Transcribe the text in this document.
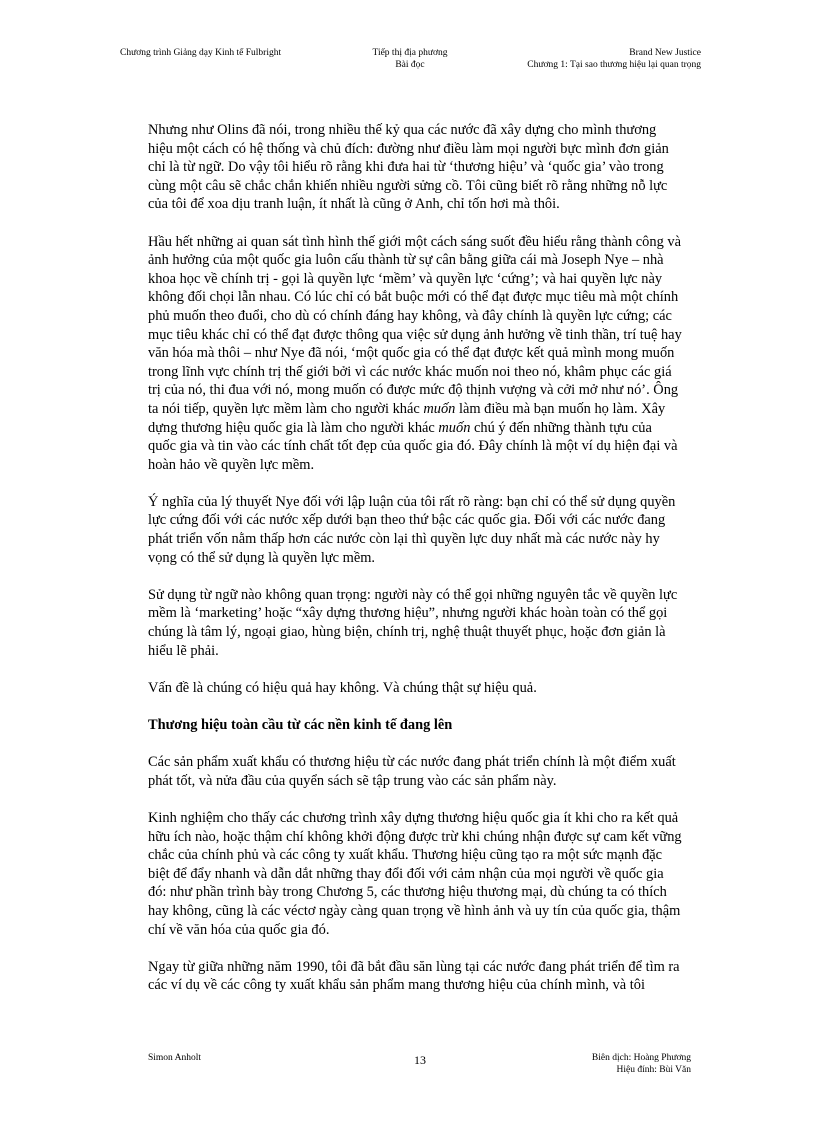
Chương trình Giảng dạy Kinh tế Fulbright	Tiếp thị địa phương
Bài đọc
Brand New Justice
Chương 1: Tại sao thương hiệu lại quan trọng

Nhưng như Olins đã nói, trong nhiều thế kỷ qua các nước đã xây dựng cho mình thương hiệu một cách có hệ thống và chủ đích: đường như điều làm mọi người bực mình đơn giản chỉ là từ ngữ. Do vậy tôi hiểu rõ rằng khi đưa hai từ ‘thương hiệu’ và ‘quốc gia’ vào trong cùng một câu sẽ chắc chắn khiến nhiều người sửng cồ. Tôi cũng biết rõ rằng những nỗ lực của tôi để xoa dịu tranh luận, ít nhất là cũng ở Anh, chỉ tốn hơi mà thôi.

Hầu hết những ai quan sát tình hình thế giới một cách sáng suốt đều hiểu rằng thành công và ảnh hưởng của một quốc gia luôn cấu thành từ sự cân bằng giữa cái mà Joseph Nye – nhà khoa học về chính trị - gọi là quyền lực ‘mềm’ và quyền lực ‘cứng’; và hai quyền lực này không đối chọi lẫn nhau. Có lúc chỉ có bắt buộc mới có thể đạt được mục tiêu mà một chính phủ muốn theo đuổi, cho dù có chính đáng hay không, và đây chính là quyền lực cứng; các mục tiêu khác chỉ có thể đạt được thông qua việc sử dụng ảnh hưởng về tinh thần, trí tuệ hay văn hóa mà thôi – như Nye đã nói, ‘một quốc gia có thể đạt được kết quả mình mong muốn trong lĩnh vực chính trị thế giới bởi vì các nước khác muốn noi theo nó, khâm phục các giá trị của nó, thi đua với nó, mong muốn có được mức độ thịnh vượng và cởi mở như nó’. Ông ta nói tiếp, quyền lực mềm làm cho người khác muốn làm điều mà bạn muốn họ làm. Xây dựng thương hiệu quốc gia là làm cho người khác muốn chú ý đến những thành tựu của quốc gia và tin vào các tính chất tốt đẹp của quốc gia đó. Đây chính là một ví dụ hiện đại và hoàn hảo về quyền lực mềm.

Ý nghĩa của lý thuyết Nye đối với lập luận của tôi rất rõ ràng: bạn chỉ có thể sử dụng quyền lực cứng đối với các nước xếp dưới bạn theo thứ bậc các quốc gia. Đối với các nước đang phát triển vốn nằm thấp hơn các nước còn lại thì quyền lực duy nhất mà các nước này hy vọng có thể sử dụng là quyền lực mềm.

Sử dụng từ ngữ nào không quan trọng: người này có thể gọi những nguyên tắc về quyền lực mềm là ‘marketing’ hoặc “xây dựng thương hiệu”, nhưng người khác hoàn toàn có thể gọi chúng là tâm lý, ngoại giao, hùng biện, chính trị, nghệ thuật thuyết phục, hoặc đơn giản là hiểu lẽ phải.

Vấn đề là chúng có hiệu quả hay không. Và chúng thật sự hiệu quả.

Thương hiệu toàn cầu từ các nền kinh tế đang lên

Các sản phẩm xuất khẩu có thương hiệu từ các nước đang phát triển chính là một điểm xuất phát tốt, và nửa đầu của quyển sách sẽ tập trung vào các sản phẩm này.

Kinh nghiệm cho thấy các chương trình xây dựng thương hiệu quốc gia ít khi cho ra kết quả hữu ích nào, hoặc thậm chí không khởi động được trừ khi chúng nhận được sự cam kết vững chắc của chính phủ và các công ty xuất khẩu. Thương hiệu cũng tạo ra một sức mạnh đặc biệt để đẩy nhanh và dẫn dắt những thay đổi đối với cảm nhận của mọi người về quốc gia đó: như phần trình bày trong Chương 5, các thương hiệu thương mại, dù chúng ta có thích hay không, cũng là các véctơ ngày càng quan trọng về hình ảnh và uy tín của quốc gia, thậm chí về văn hóa của quốc gia đó.

Ngay từ giữa những năm 1990, tôi đã bắt đầu săn lùng tại các nước đang phát triển để tìm ra các ví dụ về các công ty xuất khẩu sản phẩm mang thương hiệu của chính mình, và tôi

Simon Anholt	13	Biên dịch: Hoàng Phương
Hiệu đính: Bùi Văn
